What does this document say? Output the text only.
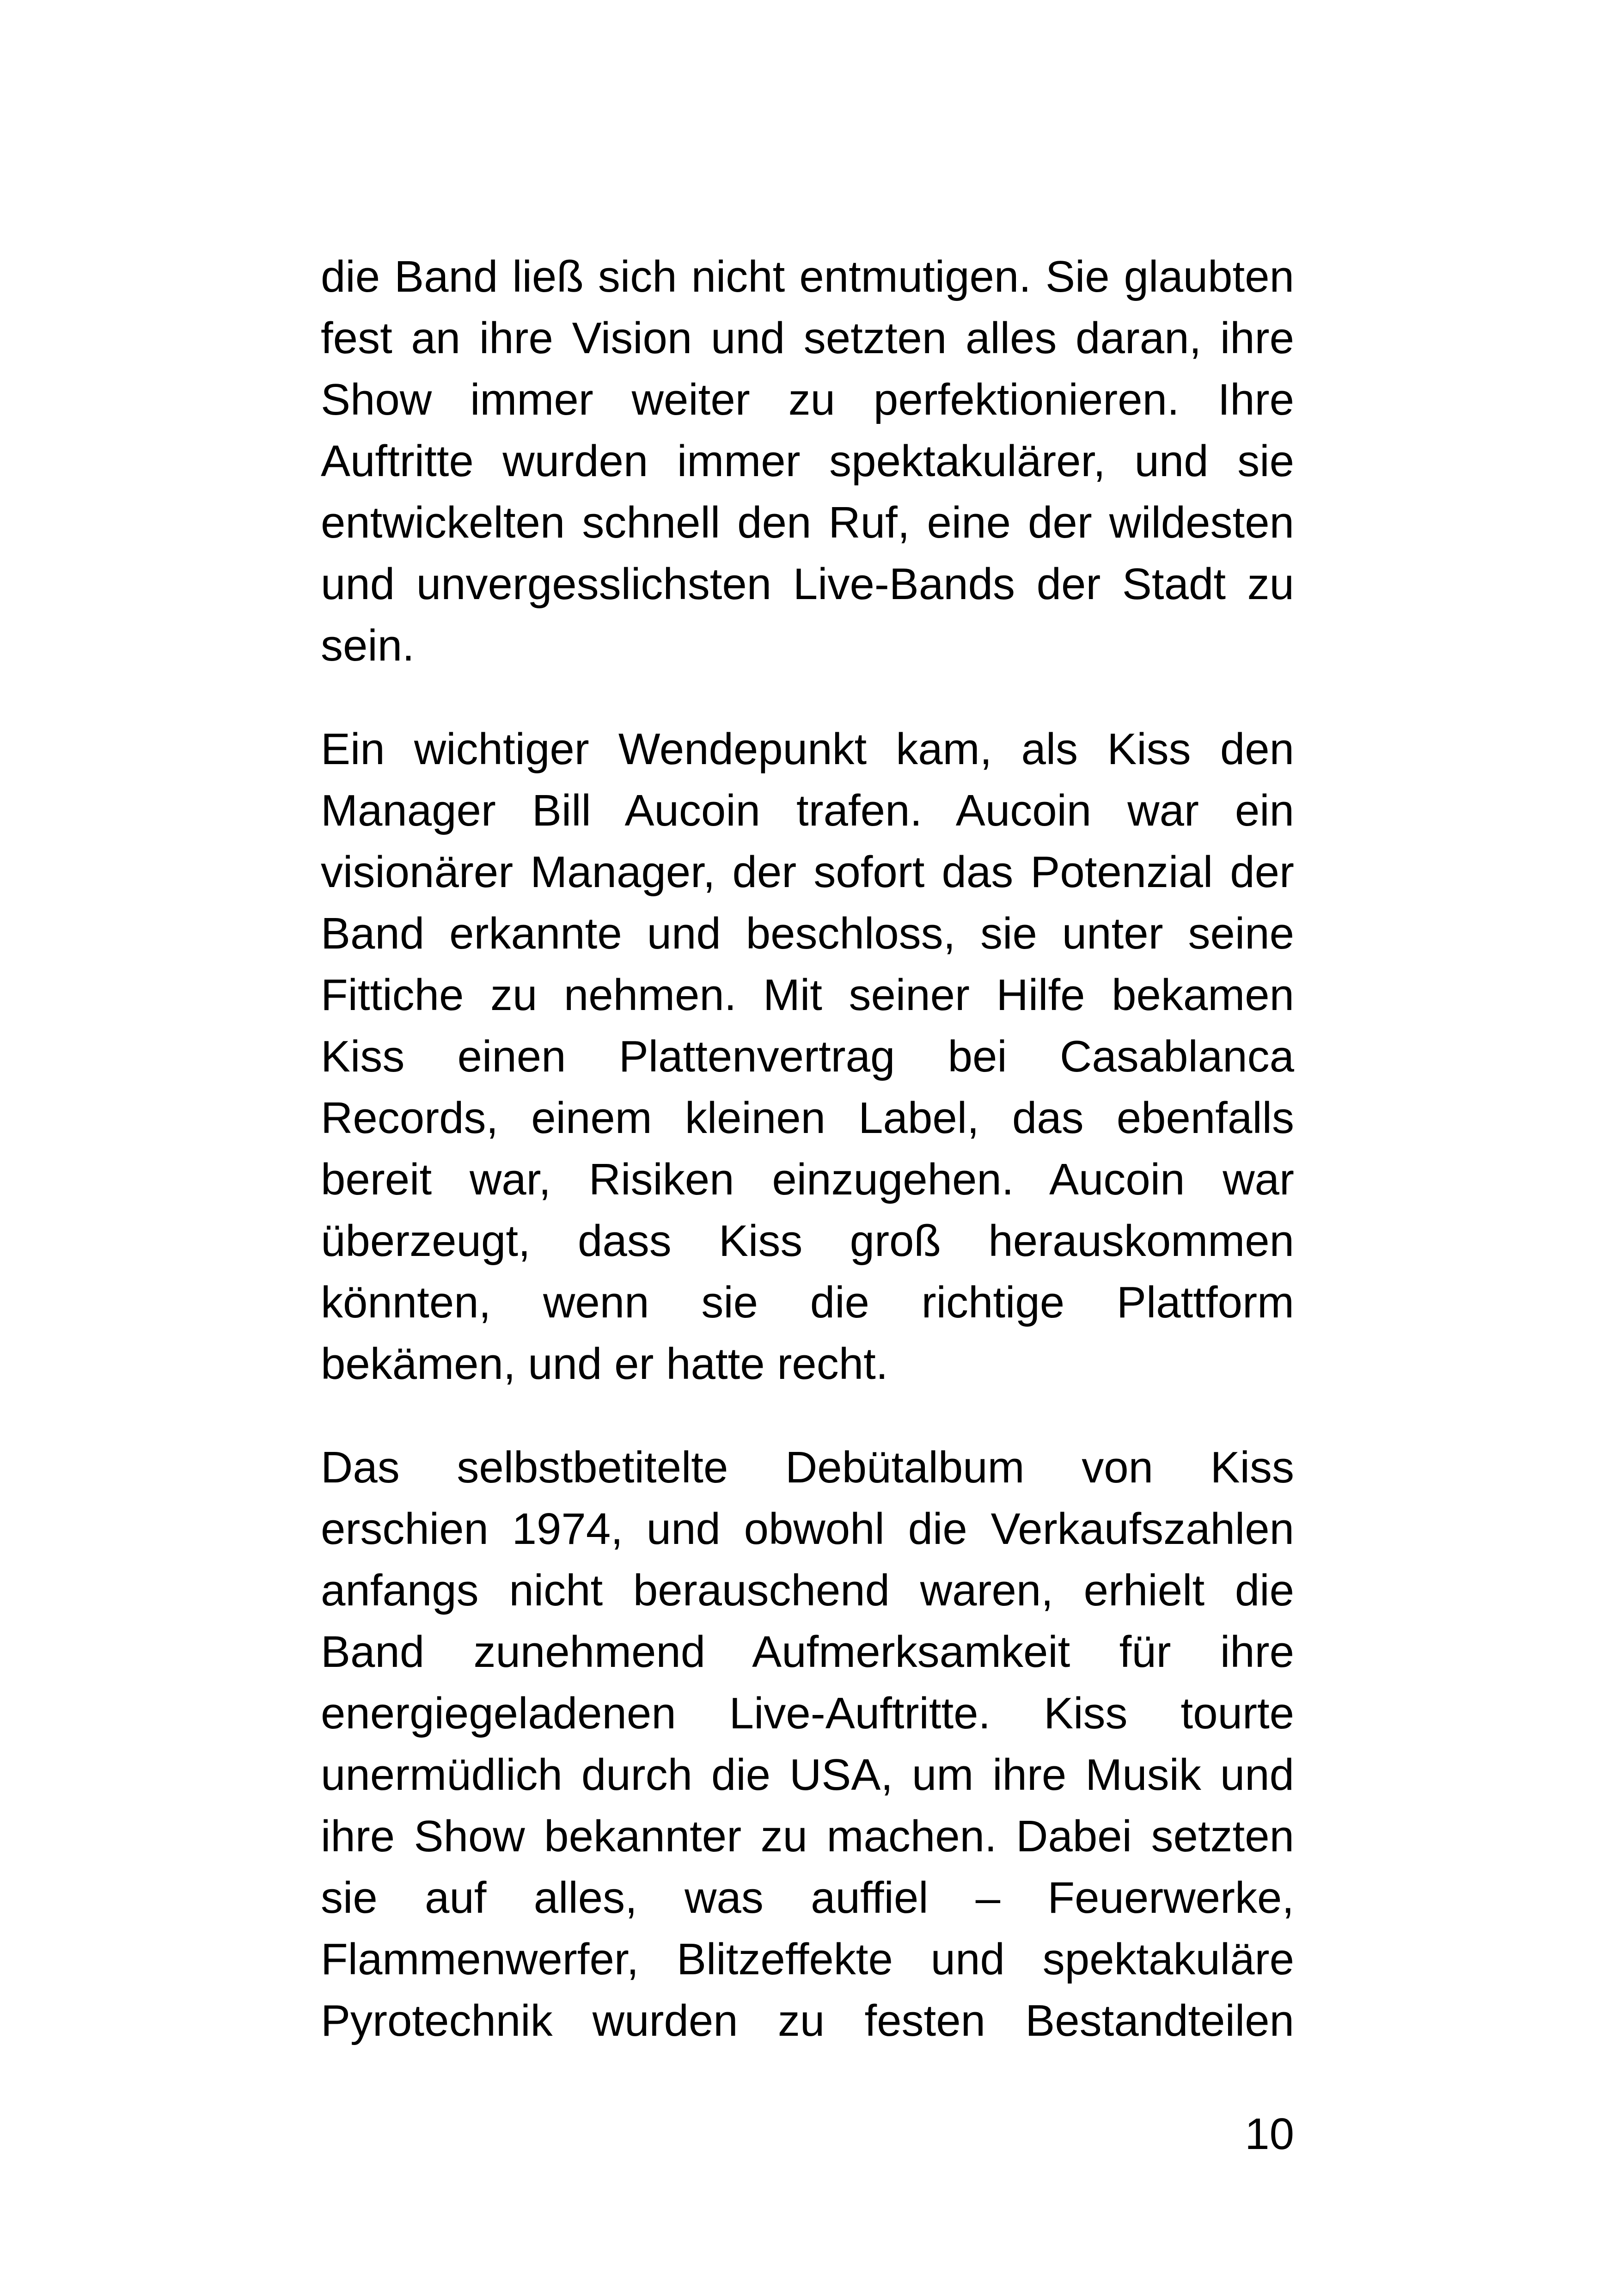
die Band ließ sich nicht entmutigen. Sie glaubten fest an ihre Vision und setzten alles daran, ihre Show immer weiter zu perfektionieren. Ihre Auftritte wurden immer spektakulärer, und sie entwickelten schnell den Ruf, eine der wildesten und unvergesslichsten Live-Bands der Stadt zu sein.

Ein wichtiger Wendepunkt kam, als Kiss den Manager Bill Aucoin trafen. Aucoin war ein visionärer Manager, der sofort das Potenzial der Band erkannte und beschloss, sie unter seine Fittiche zu nehmen. Mit seiner Hilfe bekamen Kiss einen Plattenvertrag bei Casablanca Records, einem kleinen Label, das ebenfalls bereit war, Risiken einzugehen. Aucoin war überzeugt, dass Kiss groß herauskommen könnten, wenn sie die richtige Plattform bekämen, und er hatte recht.

Das selbstbetitelte Debütalbum von Kiss erschien 1974, und obwohl die Verkaufszahlen anfangs nicht berauschend waren, erhielt die Band zunehmend Aufmerksamkeit für ihre energiegeladenen Live-Auftritte. Kiss tourte unermüdlich durch die USA, um ihre Musik und ihre Show bekannter zu machen. Dabei setzten sie auf alles, was auffiel – Feuerwerke, Flammenwerfer, Blitzeffekte und spektakuläre Pyrotechnik wurden zu festen Bestandteilen

10
